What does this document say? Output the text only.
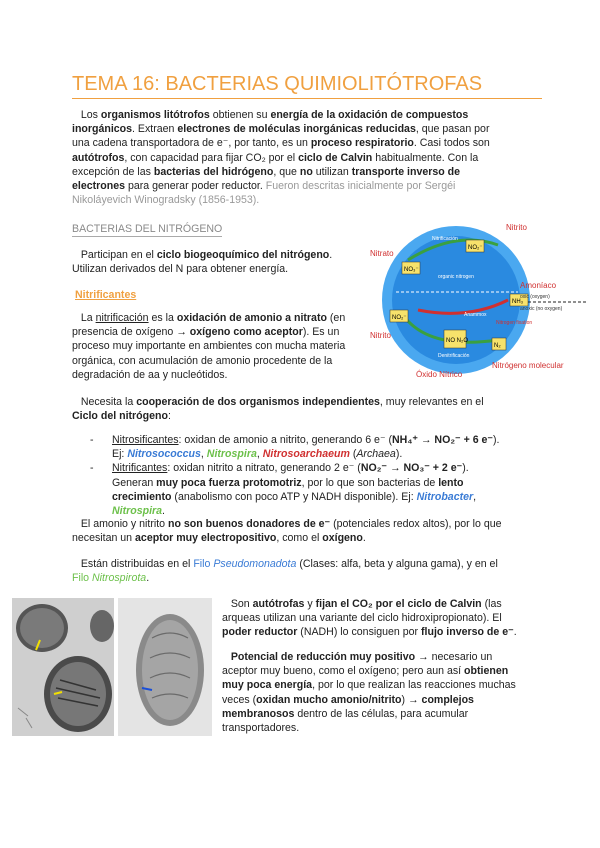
TEMA 16: BACTERIAS QUIMIOLITÓTROFAS

Los organismos litótrofos obtienen su energía de la oxidación de compuestos inorgánicos. Extraen electrones de moléculas inorgánicas reducidas, que pasan por una cadena transportadora de e⁻, por tanto, es un proceso respiratorio. Casi todos son autótrofos, con capacidad para fijar CO₂ por el ciclo de Calvin habitualmente. Con la excepción de las bacterias del hidrógeno, que no utilizan transporte inverso de electrones para generar poder reductor. Fueron descritas inicialmente por Sergéi Nikoláyevich Winogradsky (1856-1953).

BACTERIAS DEL NITRÓGENO

Participan en el ciclo biogeoquímico del nitrógeno. Utilizan derivados del N para obtener energía.

Nitrificantes

La nitrificación es la oxidación de amonio a nitrato (en presencia de oxígeno → oxígeno como aceptor). Es un proceso muy importante en ambientes con mucha materia orgánica, con acumulación de amonio procedente de la degradación de aa y nucleótidos.

NO₃⁻
NO₂⁻
NH₃
NO₂⁻
NO N₂O
N₂
Nitrificación
organic nitrogen
Anammox
Denitrificación
Nitrogen fixation
Nitrito
Nitrato
Amoníaco
oxic (oxygen)
anoxic (no oxygen)
Nitrito
Óxido Nítrico
Nitrógeno molecular

Necesita la cooperación de dos organismos independientes, muy relevantes en el Ciclo del nitrógeno:

- Nitrosificantes: oxidan de amonio a nitrito, generando 6 e⁻ (NH₄⁺ → NO₂⁻ + 6 e⁻). Ej: Nitrosococcus, Nitrospira, Nitrosoarchaeum (Archaea).
- Nitrificantes: oxidan nitrito a nitrato, generando 2 e⁻ (NO₂⁻ → NO₃⁻ + 2 e⁻). Generan muy poca fuerza protomotriz, por lo que son bacterias de lento crecimiento (anabolismo con poco ATP y NADH disponible). Ej: Nitrobacter, Nitrospira.

El amonio y nitrito no son buenos donadores de e⁻ (potenciales redox altos), por lo que necesitan un aceptor muy electropositivo, como el oxígeno.

Están distribuidas en el Filo Pseudomonadota (Clases: alfa, beta y alguna gama), y en el Filo Nitrospirota.

Son autótrofas y fijan el CO₂ por el ciclo de Calvin (las arqueas utilizan una variante del ciclo hidroxipropionato). El poder reductor (NADH) lo consiguen por flujo inverso de e⁻.

Potencial de reducción muy positivo → necesario un aceptor muy bueno, como el oxígeno; pero aun así obtienen muy poca energía, por lo que realizan las reacciones muchas veces (oxidan mucho amonio/nitrito) → complejos membranosos dentro de las células, para acumular transportadores.
